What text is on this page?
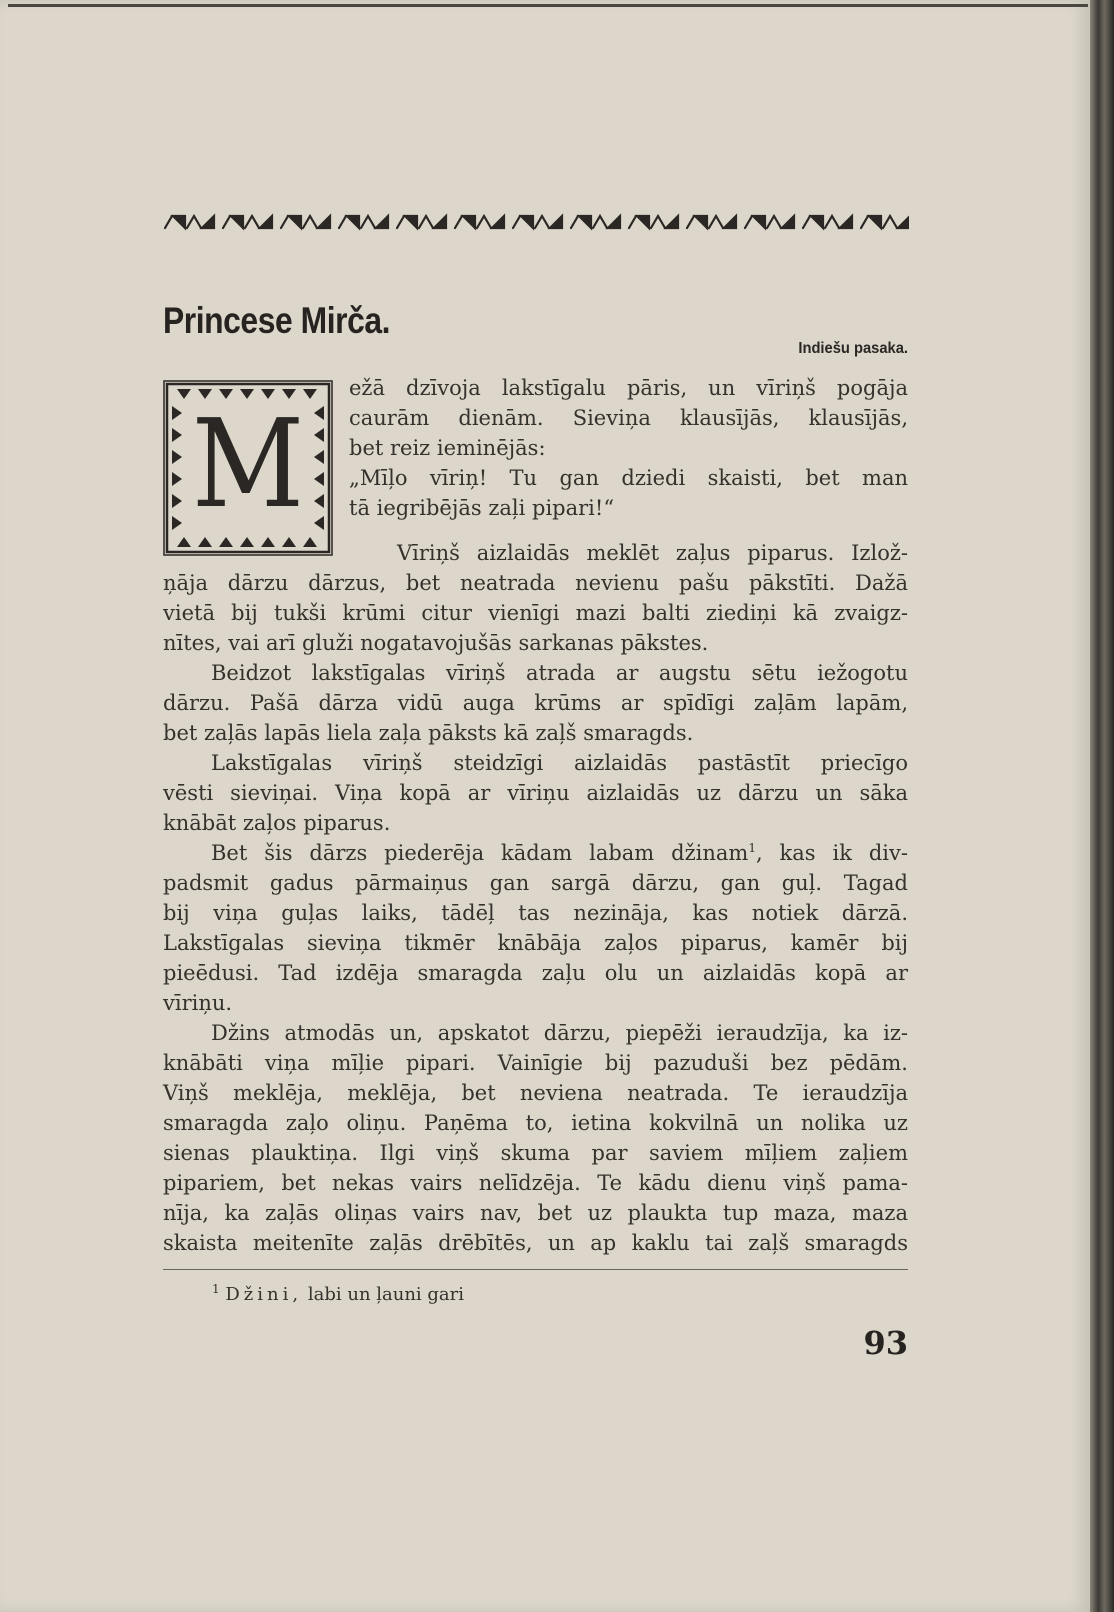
Princese Mirča.
Indiešu pasaka.
M
ežā dzīvoja lakstīgalu pāris, un vīriņš pogāja
caurām dienām. Sieviņa klausījās, klausījās,
bet reiz ieminējās:
„Mīļo vīriņ! Tu gan dziedi skaisti, bet man
tā iegribējās zaļi pipari!“
Vīriņš aizlaidās meklēt zaļus piparus. Izlož-
ņāja dārzu dārzus, bet neatrada nevienu pašu pākstīti. Dažā
vietā bij tukši krūmi citur vienīgi mazi balti ziediņi kā zvaigz-
nītes, vai arī gluži nogatavojušās sarkanas pākstes.
Beidzot lakstīgalas vīriņš atrada ar augstu sētu iežogotu
dārzu. Pašā dārza vidū auga krūms ar spīdīgi zaļām lapām,
bet zaļās lapās liela zaļa pāksts kā zaļš smaragds.
Lakstīgalas vīriņš steidzīgi aizlaidās pastāstīt priecīgo
vēsti sieviņai. Viņa kopā ar vīriņu aizlaidās uz dārzu un sāka
knābāt zaļos piparus.
Bet šis dārzs piederēja kādam labam džinam$^1$, kas ik div-
padsmit gadus pārmaiņus gan sargā dārzu, gan guļ. Tagad
bij viņa guļas laiks, tādēļ tas nezināja, kas notiek dārzā.
Lakstīgalas sieviņa tikmēr knābāja zaļos piparus, kamēr bij
pieēdusi. Tad izdēja smaragda zaļu olu un aizlaidās kopā ar
vīriņu.
Džins atmodās un, apskatot dārzu, piepēži ieraudzīja, ka iz-
knābāti viņa mīļie pipari. Vainīgie bij pazuduši bez pēdām.
Viņš meklēja, meklēja, bet neviena neatrada. Te ieraudzīja
smaragda zaļo oliņu. Paņēma to, ietina kokvilnā un nolika uz
sienas plauktiņa. Ilgi viņš skuma par saviem mīļiem zaļiem
pipariem, bet nekas vairs nelīdzēja. Te kādu dienu viņš pama-
nīja, ka zaļās oliņas vairs nav, bet uz plaukta tup maza, maza
skaista meitenīte zaļās drēbītēs, un ap kaklu tai zaļš smaragds
$^1$ Džini, labi un ļauni gari
93
